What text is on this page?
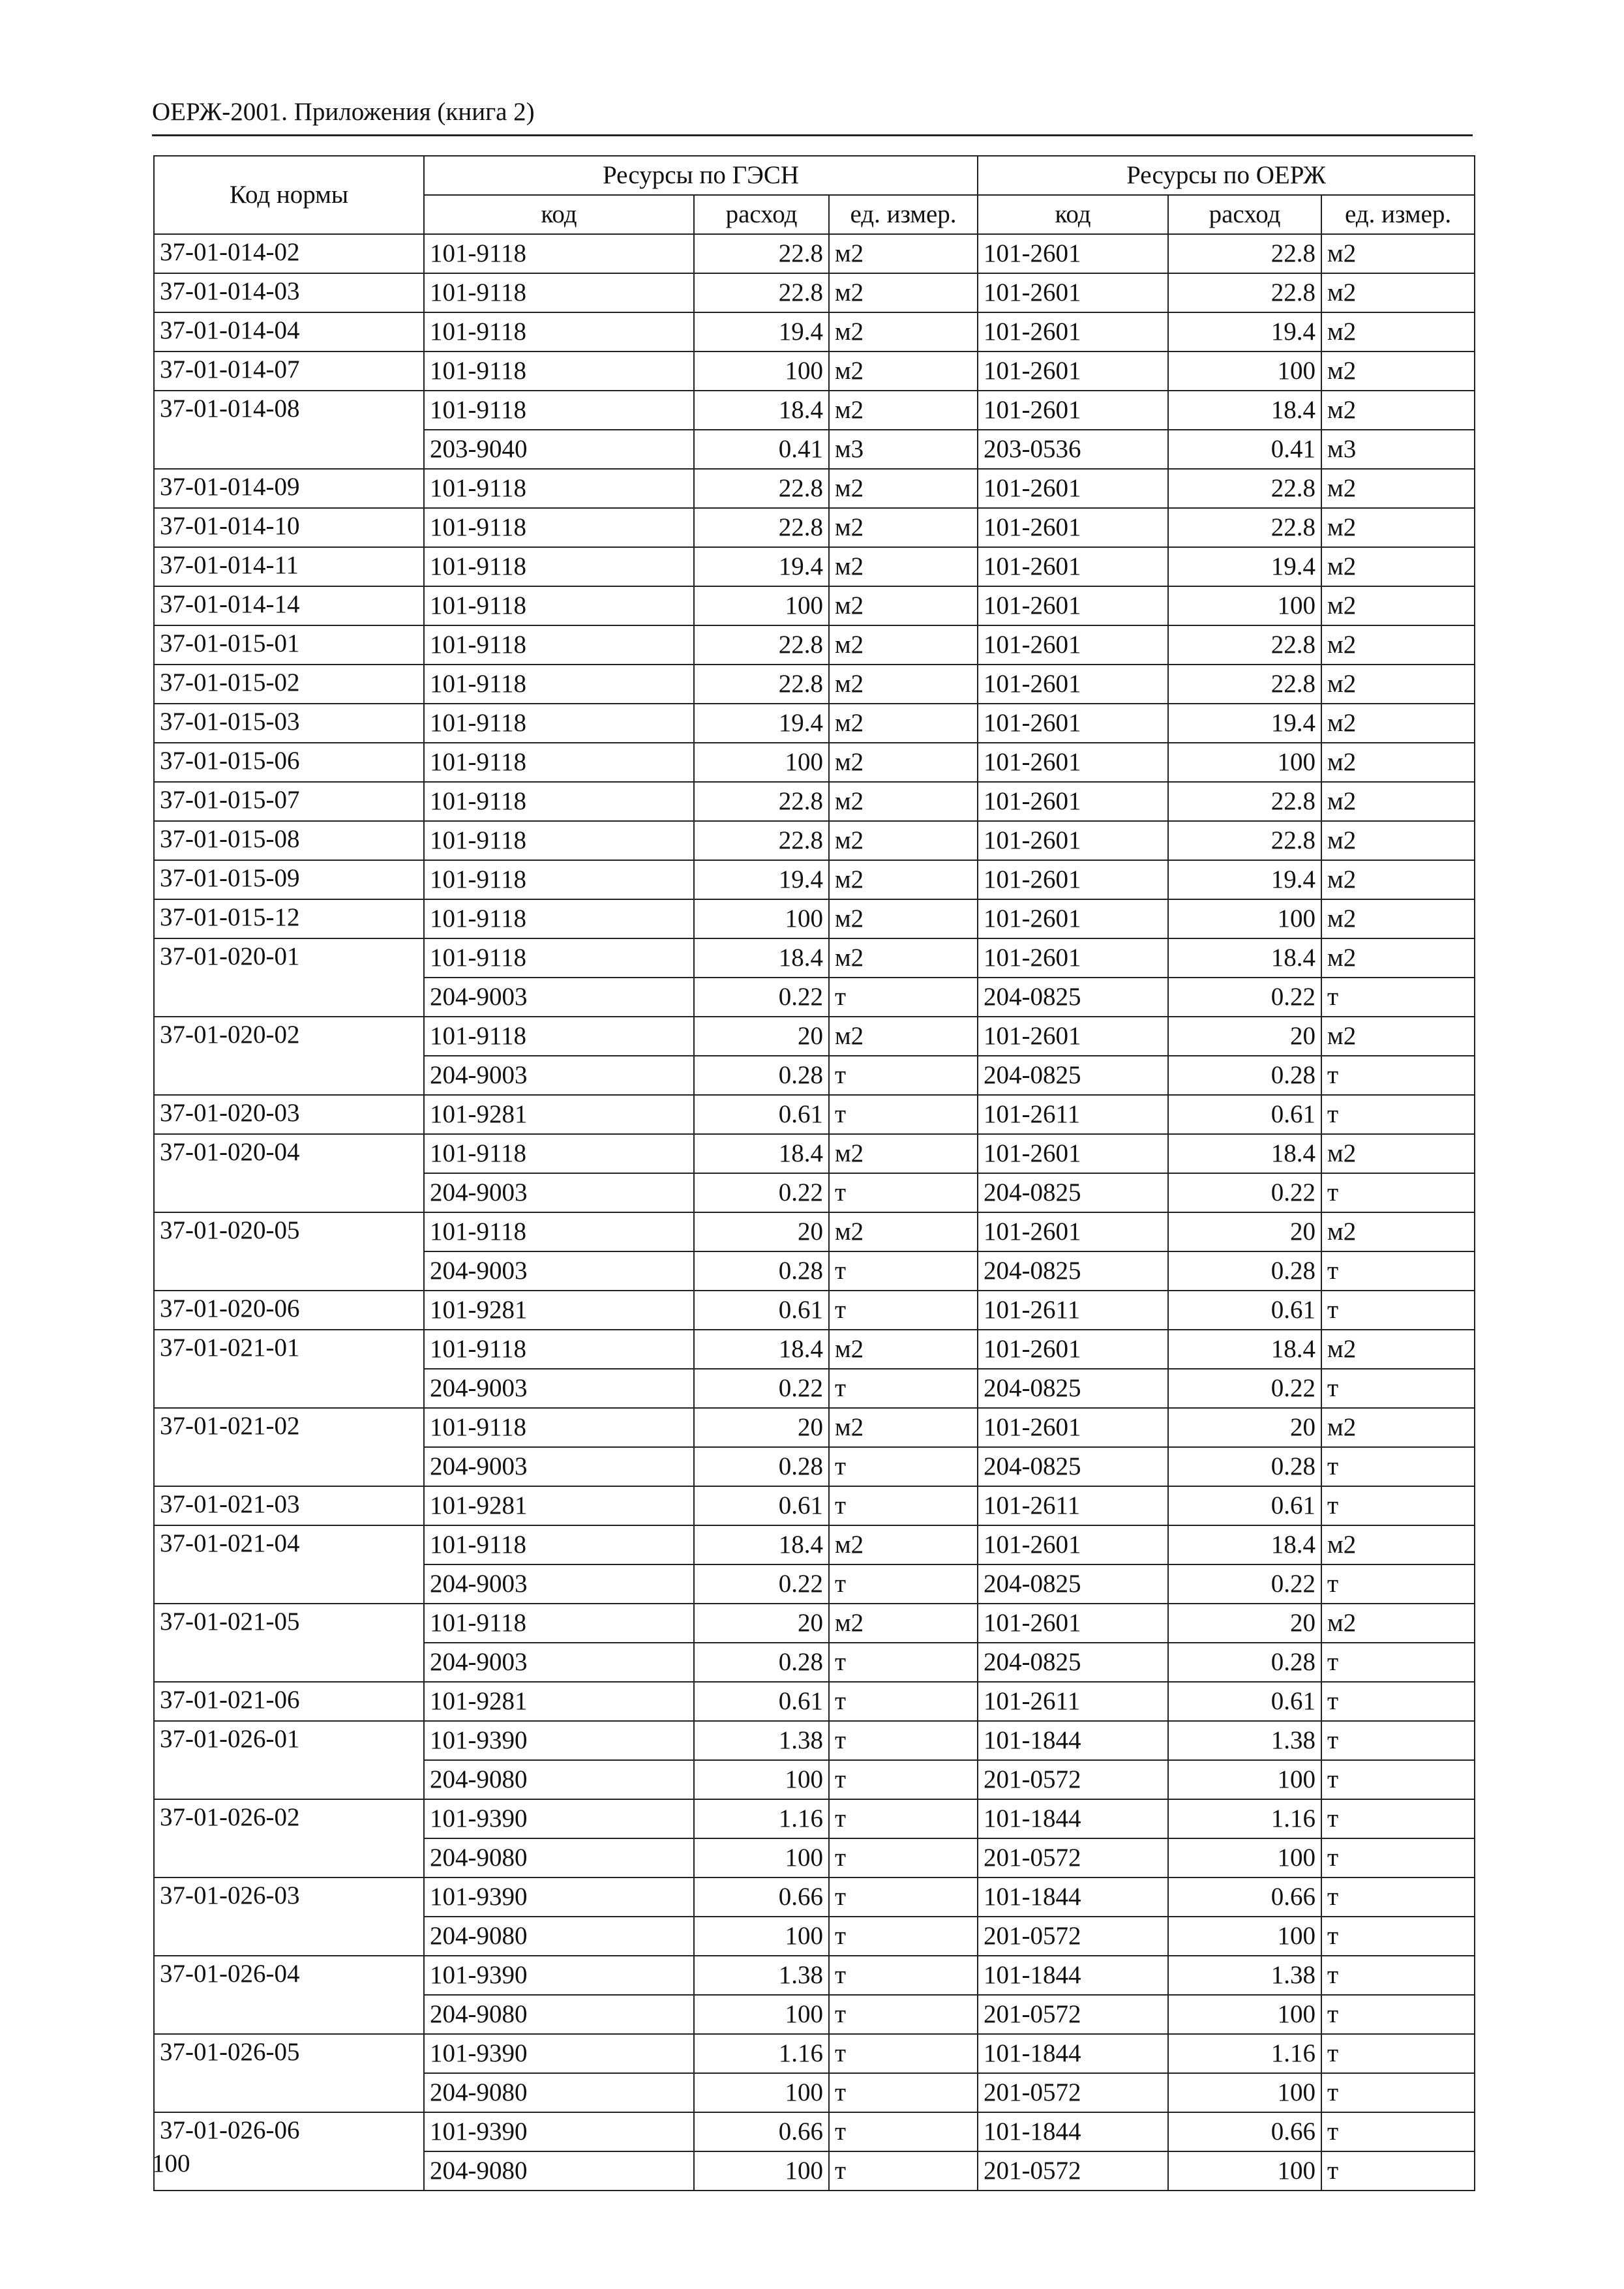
ОЕРЖ-2001. Приложения (книга 2)
Код нормы	Ресурсы по ГЭСН			Ресурсы по ОЕРЖ		
	код	расход	ед. измер.	код	расход	ед. измер.
37-01-014-02	101-9118	22.8	м2	101-2601	22.8	м2
37-01-014-03	101-9118	22.8	м2	101-2601	22.8	м2
37-01-014-04	101-9118	19.4	м2	101-2601	19.4	м2
37-01-014-07	101-9118	100	м2	101-2601	100	м2
37-01-014-08	101-9118	18.4	м2	101-2601	18.4	м2
	203-9040	0.41	м3	203-0536	0.41	м3
37-01-014-09	101-9118	22.8	м2	101-2601	22.8	м2
37-01-014-10	101-9118	22.8	м2	101-2601	22.8	м2
37-01-014-11	101-9118	19.4	м2	101-2601	19.4	м2
37-01-014-14	101-9118	100	м2	101-2601	100	м2
37-01-015-01	101-9118	22.8	м2	101-2601	22.8	м2
37-01-015-02	101-9118	22.8	м2	101-2601	22.8	м2
37-01-015-03	101-9118	19.4	м2	101-2601	19.4	м2
37-01-015-06	101-9118	100	м2	101-2601	100	м2
37-01-015-07	101-9118	22.8	м2	101-2601	22.8	м2
37-01-015-08	101-9118	22.8	м2	101-2601	22.8	м2
37-01-015-09	101-9118	19.4	м2	101-2601	19.4	м2
37-01-015-12	101-9118	100	м2	101-2601	100	м2
37-01-020-01	101-9118	18.4	м2	101-2601	18.4	м2
	204-9003	0.22	т	204-0825	0.22	т
37-01-020-02	101-9118	20	м2	101-2601	20	м2
	204-9003	0.28	т	204-0825	0.28	т
37-01-020-03	101-9281	0.61	т	101-2611	0.61	т
37-01-020-04	101-9118	18.4	м2	101-2601	18.4	м2
	204-9003	0.22	т	204-0825	0.22	т
37-01-020-05	101-9118	20	м2	101-2601	20	м2
	204-9003	0.28	т	204-0825	0.28	т
37-01-020-06	101-9281	0.61	т	101-2611	0.61	т
37-01-021-01	101-9118	18.4	м2	101-2601	18.4	м2
	204-9003	0.22	т	204-0825	0.22	т
37-01-021-02	101-9118	20	м2	101-2601	20	м2
	204-9003	0.28	т	204-0825	0.28	т
37-01-021-03	101-9281	0.61	т	101-2611	0.61	т
37-01-021-04	101-9118	18.4	м2	101-2601	18.4	м2
	204-9003	0.22	т	204-0825	0.22	т
37-01-021-05	101-9118	20	м2	101-2601	20	м2
	204-9003	0.28	т	204-0825	0.28	т
37-01-021-06	101-9281	0.61	т	101-2611	0.61	т
37-01-026-01	101-9390	1.38	т	101-1844	1.38	т
	204-9080	100	т	201-0572	100	т
37-01-026-02	101-9390	1.16	т	101-1844	1.16	т
	204-9080	100	т	201-0572	100	т
37-01-026-03	101-9390	0.66	т	101-1844	0.66	т
	204-9080	100	т	201-0572	100	т
37-01-026-04	101-9390	1.38	т	101-1844	1.38	т
	204-9080	100	т	201-0572	100	т
37-01-026-05	101-9390	1.16	т	101-1844	1.16	т
	204-9080	100	т	201-0572	100	т
37-01-026-06	101-9390	0.66	т	101-1844	0.66	т
	204-9080	100	т	201-0572	100	т
100
